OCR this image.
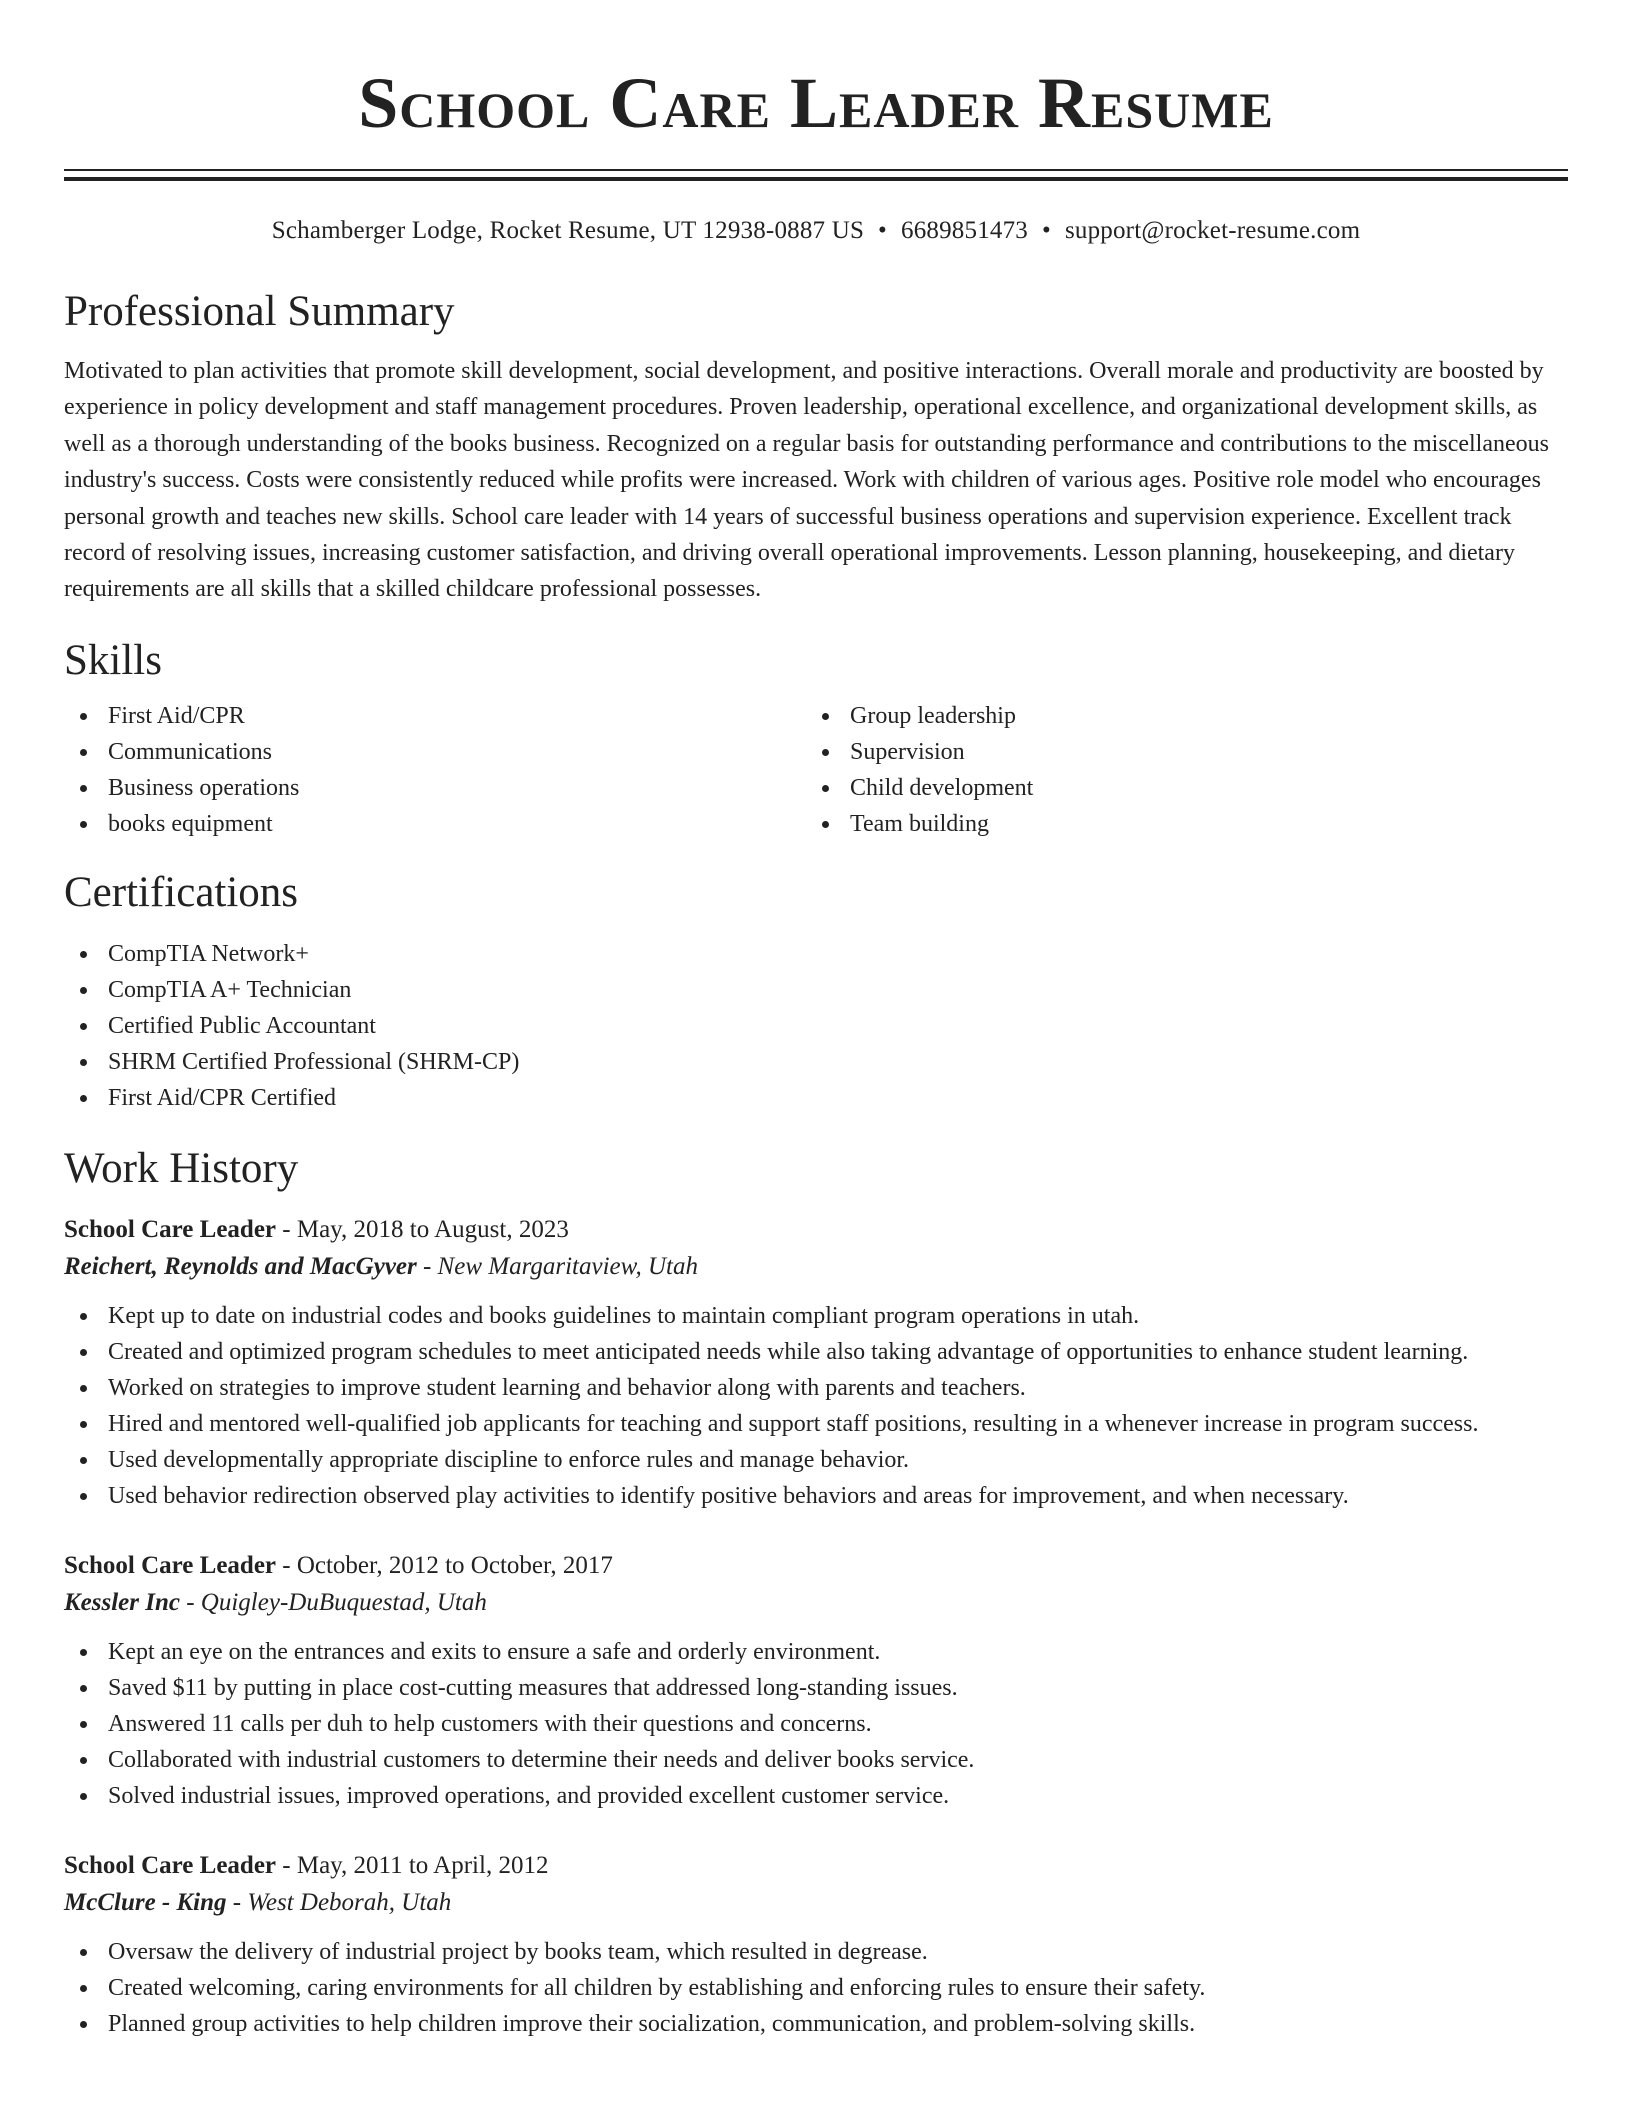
School Care Leader Resume
Schamberger Lodge, Rocket Resume, UT 12938-0887 US • 6689851473 • support@rocket-resume.com
Professional Summary

Motivated to plan activities that promote skill development, social development, and positive interactions. Overall morale and productivity are boosted by experience in policy development and staff management procedures. Proven leadership, operational excellence, and organizational development skills, as well as a thorough understanding of the books business. Recognized on a regular basis for outstanding performance and contributions to the miscellaneous industry's success. Costs were consistently reduced while profits were increased. Work with children of various ages. Positive role model who encourages personal growth and teaches new skills. School care leader with 14 years of successful business operations and supervision experience. Excellent track record of resolving issues, increasing customer satisfaction, and driving overall operational improvements. Lesson planning, housekeeping, and dietary requirements are all skills that a skilled childcare professional possesses.

Skills
First Aid/CPR
Communications
Business operations
books equipment
Group leadership
Supervision
Child development
Team building
Certifications
CompTIA Network+
CompTIA A+ Technician
Certified Public Accountant
SHRM Certified Professional (SHRM-CP)
First Aid/CPR Certified
Work History
School Care Leader - May, 2018 to August, 2023
Reichert, Reynolds and MacGyver - New Margaritaview, Utah
Kept up to date on industrial codes and books guidelines to maintain compliant program operations in utah.
Created and optimized program schedules to meet anticipated needs while also taking advantage of opportunities to enhance student learning.
Worked on strategies to improve student learning and behavior along with parents and teachers.
Hired and mentored well-qualified job applicants for teaching and support staff positions, resulting in a whenever increase in program success.
Used developmentally appropriate discipline to enforce rules and manage behavior.
Used behavior redirection observed play activities to identify positive behaviors and areas for improvement, and when necessary.
School Care Leader - October, 2012 to October, 2017
Kessler Inc - Quigley-DuBuquestad, Utah
Kept an eye on the entrances and exits to ensure a safe and orderly environment.
Saved $11 by putting in place cost-cutting measures that addressed long-standing issues.
Answered 11 calls per duh to help customers with their questions and concerns.
Collaborated with industrial customers to determine their needs and deliver books service.
Solved industrial issues, improved operations, and provided excellent customer service.
School Care Leader - May, 2011 to April, 2012
McClure - King - West Deborah, Utah
Oversaw the delivery of industrial project by books team, which resulted in degrease.
Created welcoming, caring environments for all children by establishing and enforcing rules to ensure their safety.
Planned group activities to help children improve their socialization, communication, and problem-solving skills.
